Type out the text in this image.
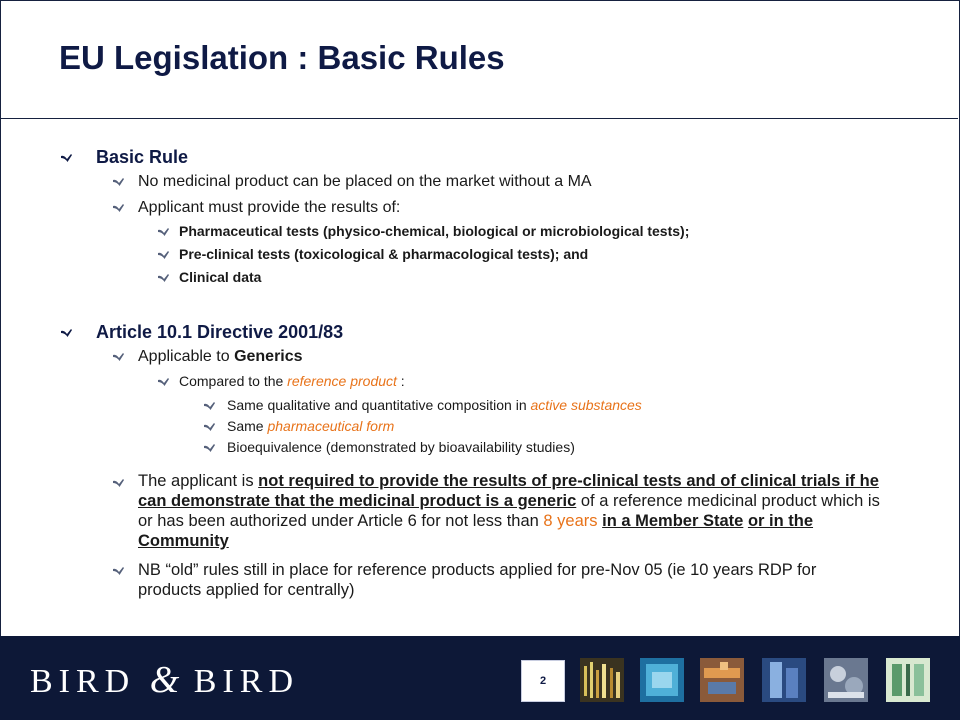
EU Legislation : Basic Rules
Basic Rule
No medicinal product can be placed on the market without a MA
Applicant must provide the results of:
Pharmaceutical tests (physico-chemical, biological or microbiological tests);
Pre-clinical tests (toxicological & pharmacological tests); and
Clinical data
Article 10.1 Directive 2001/83
Applicable to Generics
Compared to the reference product :
Same qualitative and quantitative composition in active substances
Same pharmaceutical form
Bioequivalence (demonstrated by bioavailability studies)
The applicant is not required to provide the results of pre-clinical tests and of clinical trials if he can demonstrate that the medicinal product is a generic of a reference medicinal product which is or has been authorized under Article 6 for not less than 8 years in a Member State or in the Community
NB “old” rules still in place for reference products applied for pre-Nov 05 (ie 10 years RDP for products applied for centrally)
BIRD & BIRD	2
